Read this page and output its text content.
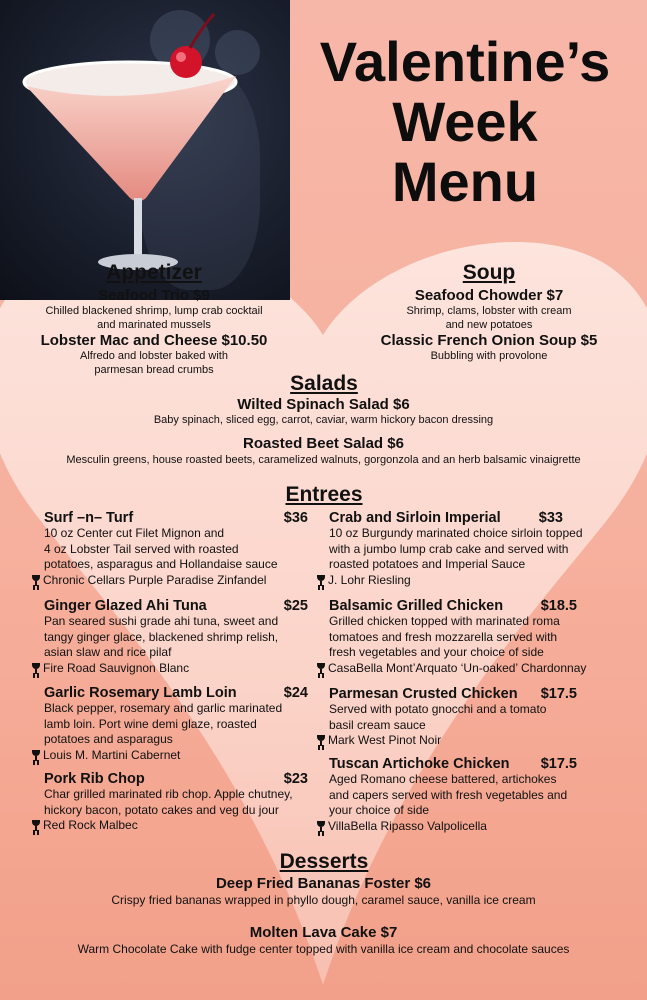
Valentine’s
Week
Menu
Appetizer
Seafood Trio $9
Chilled blackened shrimp, lump crab cocktail
and marinated mussels
Lobster Mac and Cheese $10.50
Alfredo and lobster baked with
parmesan bread crumbs
Soup
Seafood Chowder $7
Shrimp, clams, lobster with cream
and new potatoes
Classic French Onion Soup $5
Bubbling with provolone
Salads
Wilted Spinach Salad $6
Baby spinach, sliced egg, carrot, caviar, warm hickory bacon dressing
Roasted Beet Salad $6
Mesculin greens, house roasted beets, caramelized walnuts, gorgonzola and an herb balsamic vinaigrette
Entrees
Surf –n– Turf	$36
10 oz Center cut Filet Mignon and
4 oz Lobster Tail served with roasted
potatoes, asparagus and Hollandaise sauce
Chronic Cellars Purple Paradise Zinfandel
Ginger Glazed Ahi Tuna	$25
Pan seared sushi grade ahi tuna, sweet and
tangy ginger glace, blackened shrimp relish,
asian slaw and rice pilaf
Fire Road Sauvignon Blanc
Garlic Rosemary Lamb Loin	$24
Black pepper, rosemary and garlic marinated
lamb loin. Port wine demi glaze, roasted
potatoes and asparagus
Louis M. Martini Cabernet
Pork Rib Chop	$23
Char grilled marinated rib chop. Apple chutney,
hickory bacon, potato cakes and veg du jour
Red Rock Malbec
Crab and Sirloin Imperial	$33
10 oz Burgundy marinated choice sirloin topped
with a jumbo lump crab cake and served with
roasted potatoes and Imperial Sauce
J. Lohr Riesling
Balsamic Grilled Chicken	$18.5
Grilled chicken topped with marinated roma
tomatoes and fresh mozzarella served with
fresh vegetables and your choice of side
CasaBella Mont’Arquato ‘Un-oaked’ Chardonnay
Parmesan Crusted Chicken $17.5
Served with potato gnocchi and a tomato
basil cream sauce
Mark West Pinot Noir
Tuscan Artichoke Chicken $17.5
Aged Romano cheese battered, artichokes
and capers served with fresh vegetables and
your choice of side
VillaBella Ripasso Valpolicella
Desserts
Deep Fried Bananas Foster $6
Crispy fried bananas wrapped in phyllo dough, caramel sauce, vanilla ice cream
Molten Lava Cake $7
Warm Chocolate Cake with fudge center topped with vanilla ice cream and chocolate sauces
